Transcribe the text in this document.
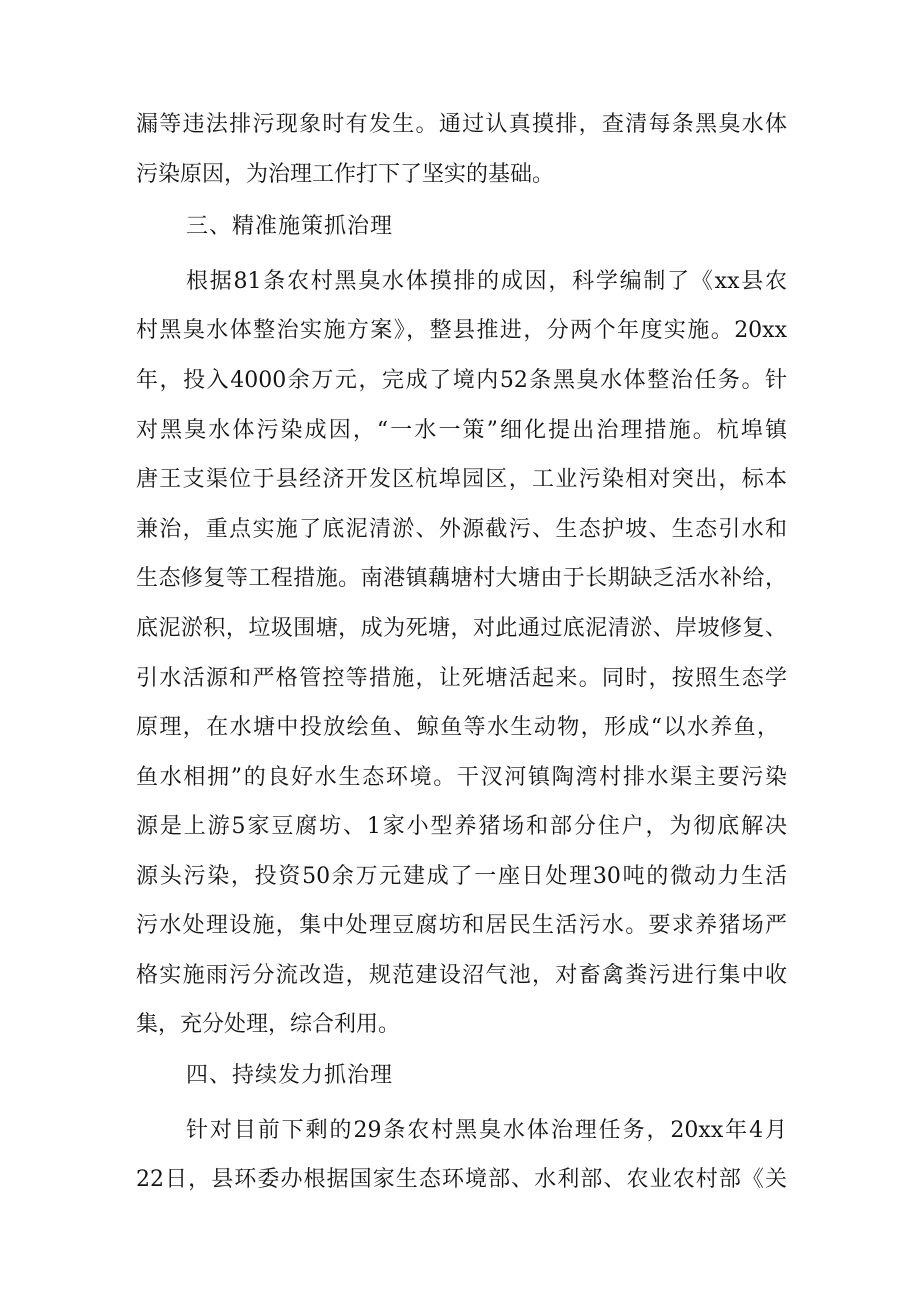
漏等违法排污现象时有发生。通过认真摸排，查清每条黑臭水体
污染原因，为治理工作打下了坚实的基础。
三、精准施策抓治理
根据81条农村黑臭水体摸排的成因，科学编制了《xx县农
村黑臭水体整治实施方案》，整县推进，分两个年度实施。20xx
年，投入4000余万元，完成了境内52条黑臭水体整治任务。针
对黑臭水体污染成因，“一水一策”细化提出治理措施。杭埠镇
唐王支渠位于县经济开发区杭埠园区，工业污染相对突出，标本
兼治，重点实施了底泥清淤、外源截污、生态护坡、生态引水和
生态修复等工程措施。南港镇藕塘村大塘由于长期缺乏活水补给，
底泥淤积，垃圾围塘，成为死塘，对此通过底泥清淤、岸坡修复、
引水活源和严格管控等措施，让死塘活起来。同时，按照生态学
原理，在水塘中投放绘鱼、鲸鱼等水生动物，形成“以水养鱼，
鱼水相拥”的良好水生态环境。干汊河镇陶湾村排水渠主要污染
源是上游5家豆腐坊、1家小型养猪场和部分住户，为彻底解决
源头污染，投资50余万元建成了一座日处理30吨的微动力生活
污水处理设施，集中处理豆腐坊和居民生活污水。要求养猪场严
格实施雨污分流改造，规范建设沼气池，对畜禽粪污进行集中收
集，充分处理，综合利用。
四、持续发力抓治理
针对目前下剩的29条农村黑臭水体治理任务，20xx年4月
22日，县环委办根据国家生态环境部、水利部、农业农村部《关
